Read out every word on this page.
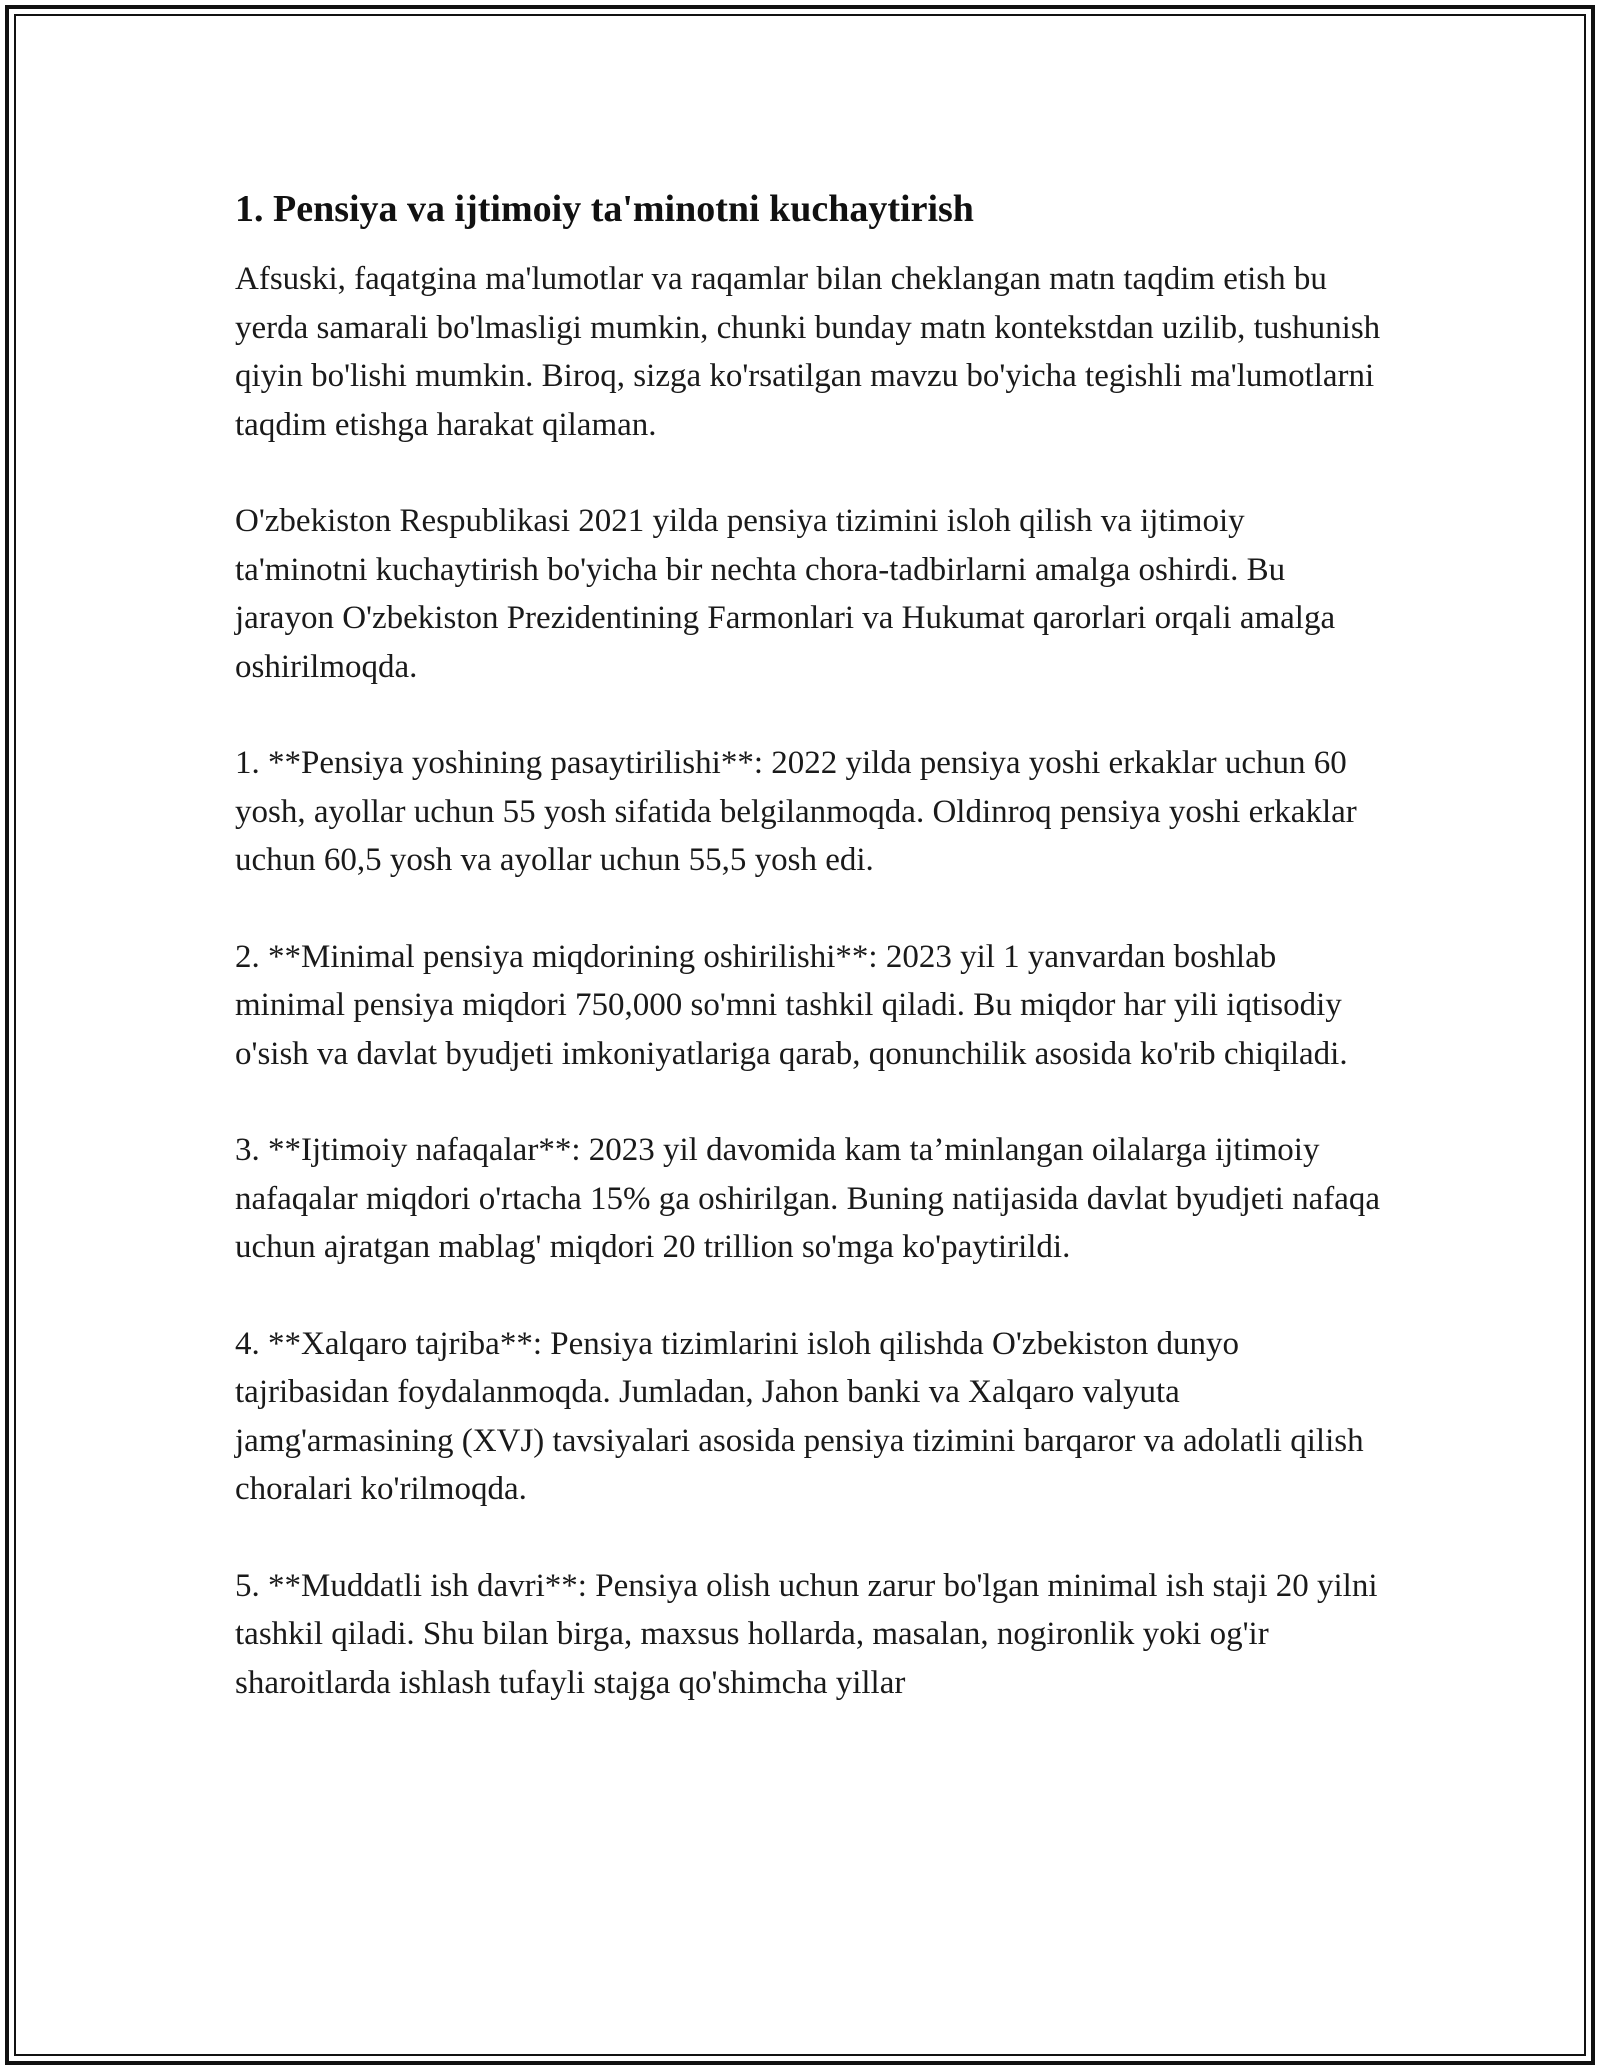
1. Pensiya va ijtimoiy ta'minotni kuchaytirish

Afsuski, faqatgina ma'lumotlar va raqamlar bilan cheklangan matn taqdim etish bu yerda samarali bo'lmasligi mumkin, chunki bunday matn kontekstdan uzilib, tushunish qiyin bo'lishi mumkin. Biroq, sizga ko'rsatilgan mavzu bo'yicha tegishli ma'lumotlarni taqdim etishga harakat qilaman.

O'zbekiston Respublikasi 2021 yilda pensiya tizimini isloh qilish va ijtimoiy ta'minotni kuchaytirish bo'yicha bir nechta chora-tadbirlarni amalga oshirdi. Bu jarayon O'zbekiston Prezidentining Farmonlari va Hukumat qarorlari orqali amalga oshirilmoqda.

1. **Pensiya yoshining pasaytirilishi**: 2022 yilda pensiya yoshi erkaklar uchun 60 yosh, ayollar uchun 55 yosh sifatida belgilanmoqda. Oldinroq pensiya yoshi erkaklar uchun 60,5 yosh va ayollar uchun 55,5 yosh edi.

2. **Minimal pensiya miqdorining oshirilishi**: 2023 yil 1 yanvardan boshlab minimal pensiya miqdori 750,000 so'mni tashkil qiladi. Bu miqdor har yili iqtisodiy o'sish va davlat byudjeti imkoniyatlariga qarab, qonunchilik asosida ko'rib chiqiladi.

3. **Ijtimoiy nafaqalar**: 2023 yil davomida kam ta’minlangan oilalarga ijtimoiy nafaqalar miqdori o'rtacha 15% ga oshirilgan. Buning natijasida davlat byudjeti nafaqa uchun ajratgan mablag' miqdori 20 trillion so'mga ko'paytirildi.

4. **Xalqaro tajriba**: Pensiya tizimlarini isloh qilishda O'zbekiston dunyo tajribasidan foydalanmoqda. Jumladan, Jahon banki va Xalqaro valyuta jamg'armasining (XVJ) tavsiyalari asosida pensiya tizimini barqaror va adolatli qilish choralari ko'rilmoqda.

5. **Muddatli ish davri**: Pensiya olish uchun zarur bo'lgan minimal ish staji 20 yilni tashkil qiladi. Shu bilan birga, maxsus hollarda, masalan, nogironlik yoki og'ir sharoitlarda ishlash tufayli stajga qo'shimcha yillar
